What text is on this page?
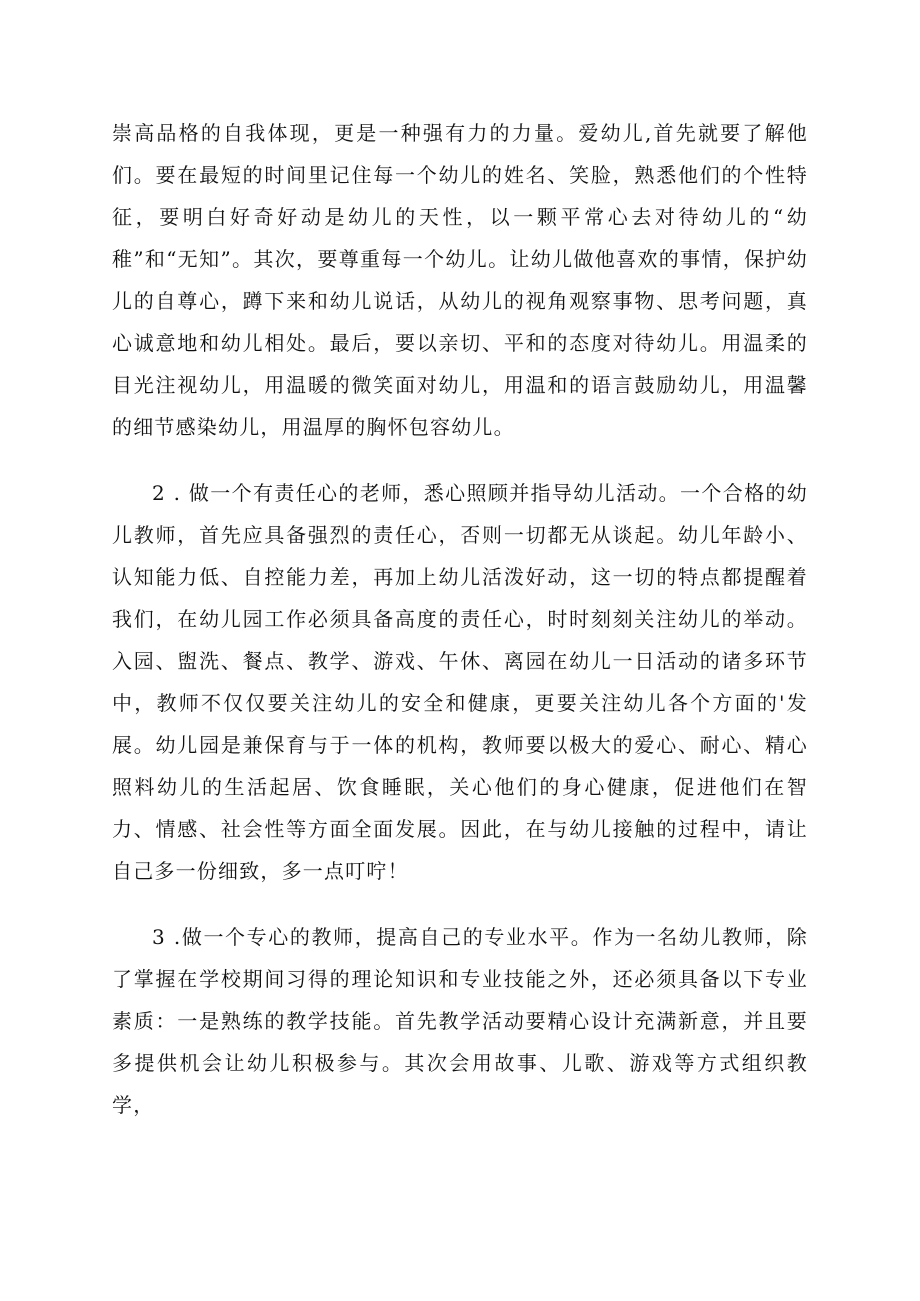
崇高品格的自我体现，更是一种强有力的力量。爱幼儿,首先就要了解他们。要在最短的时间里记住每一个幼儿的姓名、笑脸，熟悉他们的个性特征，要明白好奇好动是幼儿的天性，以一颗平常心去对待幼儿的“幼稚”和“无知”。其次，要尊重每一个幼儿。让幼儿做他喜欢的事情，保护幼儿的自尊心，蹲下来和幼儿说话，从幼儿的视角观察事物、思考问题，真心诚意地和幼儿相处。最后，要以亲切、平和的态度对待幼儿。用温柔的目光注视幼儿，用温暖的微笑面对幼儿，用温和的语言鼓励幼儿，用温馨的细节感染幼儿，用温厚的胸怀包容幼儿。

2 . 做一个有责任心的老师，悉心照顾并指导幼儿活动。一个合格的幼儿教师，首先应具备强烈的责任心，否则一切都无从谈起。幼儿年龄小、认知能力低、自控能力差，再加上幼儿活泼好动，这一切的特点都提醒着我们，在幼儿园工作必须具备高度的责任心，时时刻刻关注幼儿的举动。入园、盥洗、餐点、教学、游戏、午休、离园在幼儿一日活动的诸多环节中，教师不仅仅要关注幼儿的安全和健康，更要关注幼儿各个方面的'发展。幼儿园是兼保育与于一体的机构，教师要以极大的爱心、耐心、精心照料幼儿的生活起居、饮食睡眠，关心他们的身心健康，促进他们在智力、情感、社会性等方面全面发展。因此，在与幼儿接触的过程中，请让自己多一份细致，多一点叮咛！

3 .做一个专心的教师，提高自己的专业水平。作为一名幼儿教师，除了掌握在学校期间习得的理论知识和专业技能之外，还必须具备以下专业素质：一是熟练的教学技能。首先教学活动要精心设计充满新意，并且要多提供机会让幼儿积极参与。其次会用故事、儿歌、游戏等方式组织教学，
